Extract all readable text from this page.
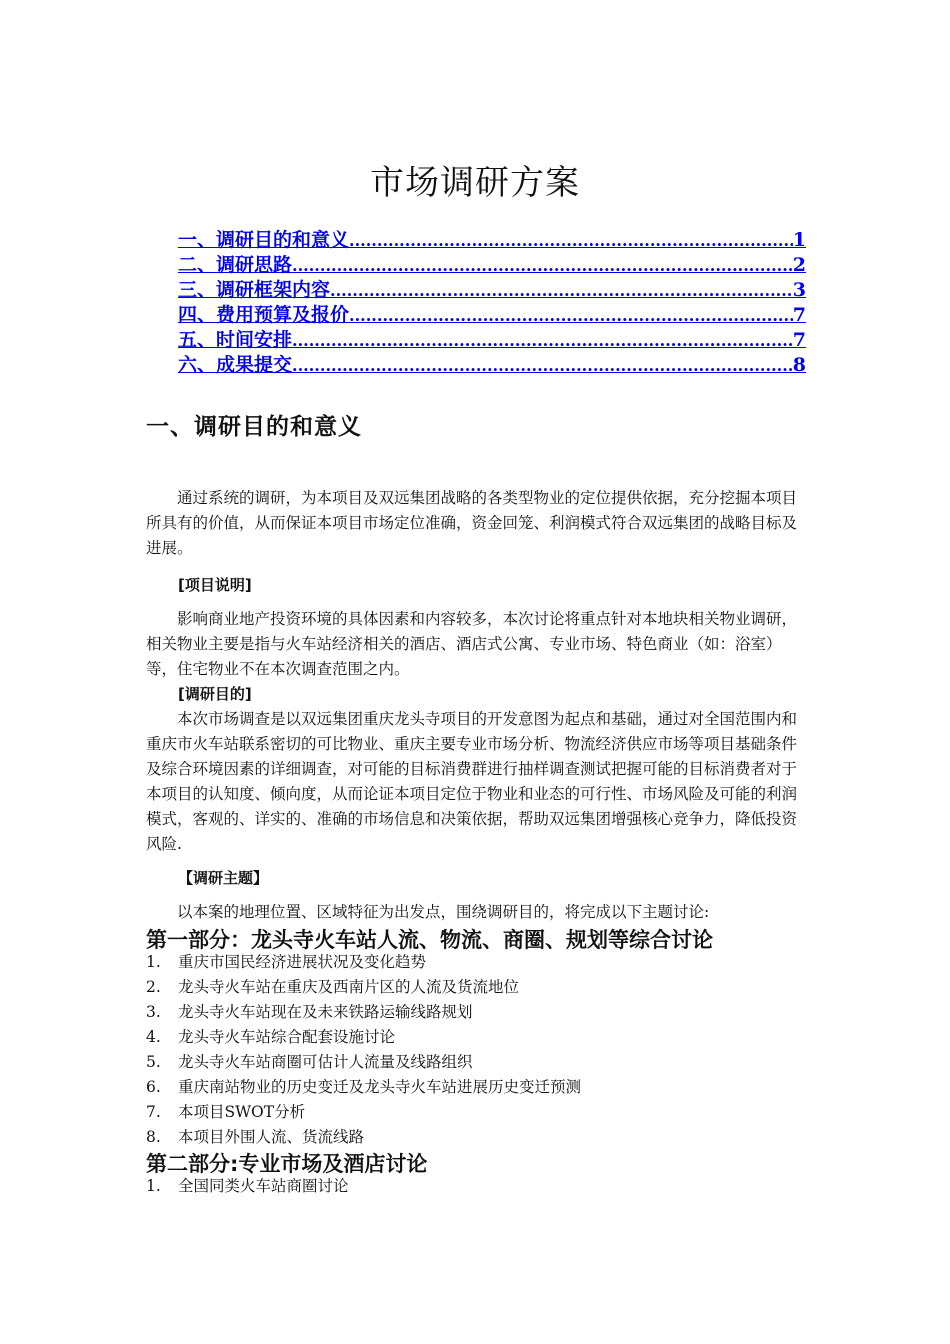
市场调研方案
一、调研目的和意义 .....	1
二、调研思路 .....	2
三、调研框架内容 .....	3
四、费用预算及报价 .....	7
五、时间安排 .....	7
六、成果提交 .....	8
一、调研目的和意义

通过系统的调研，为本项目及双远集团战略的各类型物业的定位提供依据，充分挖掘本项目所具有的价值，从而保证本项目市场定位准确，资金回笼、利润模式符合双远集团的战略目标及进展。

[项目说明]

影响商业地产投资环境的具体因素和内容较多，本次讨论将重点针对本地块相关物业调研，相关物业主要是指与火车站经济相关的酒店、酒店式公寓、专业市场、特色商业（如：浴室）等，住宅物业不在本次调查范围之内。

[调研目的]

本次市场调查是以双远集团重庆龙头寺项目的开发意图为起点和基础，通过对全国范围内和重庆市火车站联系密切的可比物业、重庆主要专业市场分析、物流经济供应市场等项目基础条件及综合环境因素的详细调查，对可能的目标消费群进行抽样调查测试把握可能的目标消费者对于本项目的认知度、倾向度，从而论证本项目定位于物业和业态的可行性、市场风险及可能的利润模式，客观的、详实的、准确的市场信息和决策依据，帮助双远集团增强核心竞争力，降低投资风险.

【调研主题】

以本案的地理位置、区域特征为出发点，围绕调研目的，将完成以下主题讨论:

第一部分：龙头寺火车站人流、物流、商圈、规划等综合讨论
1.	重庆市国民经济进展状况及变化趋势
2.	龙头寺火车站在重庆及西南片区的人流及货流地位
3.	龙头寺火车站现在及未来铁路运输线路规划
4.	龙头寺火车站综合配套设施讨论
5.	龙头寺火车站商圈可估计人流量及线路组织
6.	重庆南站物业的历史变迁及龙头寺火车站进展历史变迁预测
7.	本项目SWOT分析
8.	本项目外围人流、货流线路
第二部分:专业市场及酒店讨论
1.	全国同类火车站商圈讨论
